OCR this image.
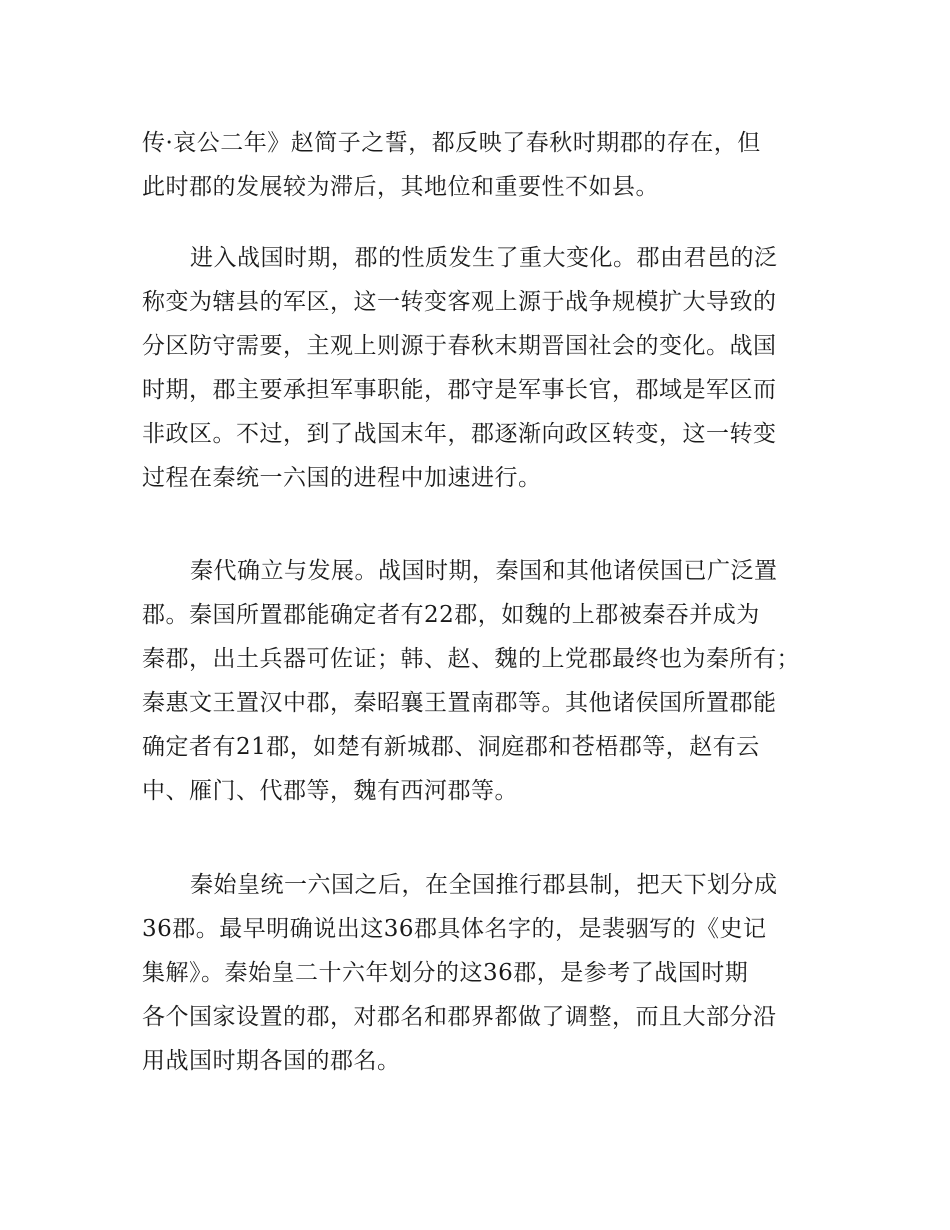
传·哀公二年》赵简子之誓，都反映了春秋时期郡的存在，但
此时郡的发展较为滞后，其地位和重要性不如县。
进入战国时期，郡的性质发生了重大变化。郡由君邑的泛
称变为辖县的军区，这一转变客观上源于战争规模扩大导致的
分区防守需要，主观上则源于春秋末期晋国社会的变化。战国
时期，郡主要承担军事职能，郡守是军事长官，郡域是军区而
非政区。不过，到了战国末年，郡逐渐向政区转变，这一转变
过程在秦统一六国的进程中加速进行。
秦代确立与发展。战国时期，秦国和其他诸侯国已广泛置
郡。秦国所置郡能确定者有22郡，如魏的上郡被秦吞并成为
秦郡，出土兵器可佐证；韩、赵、魏的上党郡最终也为秦所有；
秦惠文王置汉中郡，秦昭襄王置南郡等。其他诸侯国所置郡能
确定者有21郡，如楚有新城郡、洞庭郡和苍梧郡等，赵有云
中、雁门、代郡等，魏有西河郡等。
秦始皇统一六国之后，在全国推行郡县制，把天下划分成
36郡。最早明确说出这36郡具体名字的，是裴骃写的《史记
集解》。秦始皇二十六年划分的这36郡，是参考了战国时期
各个国家设置的郡，对郡名和郡界都做了调整，而且大部分沿
用战国时期各国的郡名。
